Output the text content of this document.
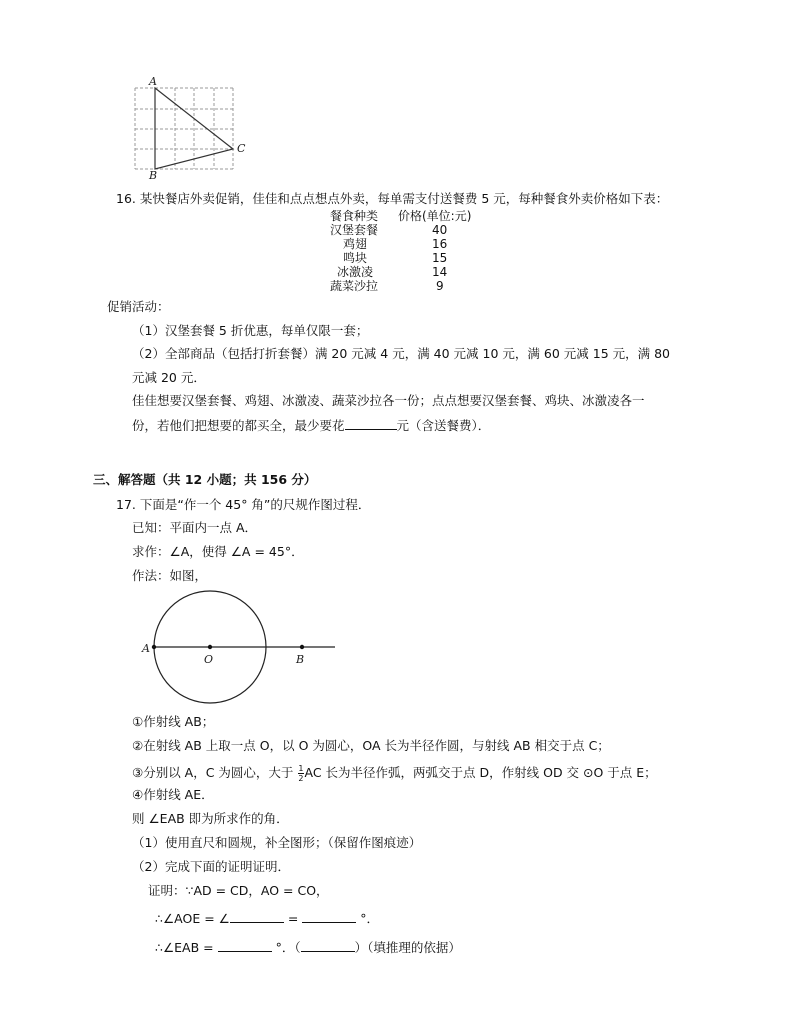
A
B
C
16. 某快餐店外卖促销，佳佳和点点想点外卖，每单需支付送餐费 5 元，每种餐食外卖价格如下表：
餐食种类 价格(单位:元)
汉堡套餐	40
鸡翅	16
鸣块	15
冰激凌	14
蔬菜沙拉	9
促销活动：
（1）汉堡套餐 5 折优惠，每单仅限一套；
（2）全部商品（包括打折套餐）满 20 元减 4 元，满 40 元减 10 元，满 60 元减 15 元，满 80
元减 20 元．
佳佳想要汉堡套餐、鸡翅、冰激凌、蔬菜沙拉各一份；点点想要汉堡套餐、鸡块、冰激凌各一
份，若他们把想要的都买全，最少要花	元（含送餐费）．
三、解答题（共 12 小题；共 156 分）
17. 下面是“作一个 45° 角”的尺规作图过程．
已知：平面内一点 A．
求作：∠A，使得 ∠A = 45°．
作法：如图，
A
O	B
①作射线 AB；
②在射线 AB 上取一点 O，以 O 为圆心，OA 长为半径作圆，与射线 AB 相交于点 C；
③分别以 A，C 为圆心，大于 $\frac{1}{2}$ AC 长为半径作弧，两弧交于点 D，作射线 OD 交 ⊙O 于点 E；
④作射线 AE．
则 ∠EAB 即为所求作的角．
（1）使用直尺和圆规，补全图形；（保留作图痕迹）
（2）完成下面的证明证明．
证明：∵AD = CD，AO = CO，
∴∠AOE = ∠	=	°．
∴∠EAB =	°．（	）（填推理的依据）
